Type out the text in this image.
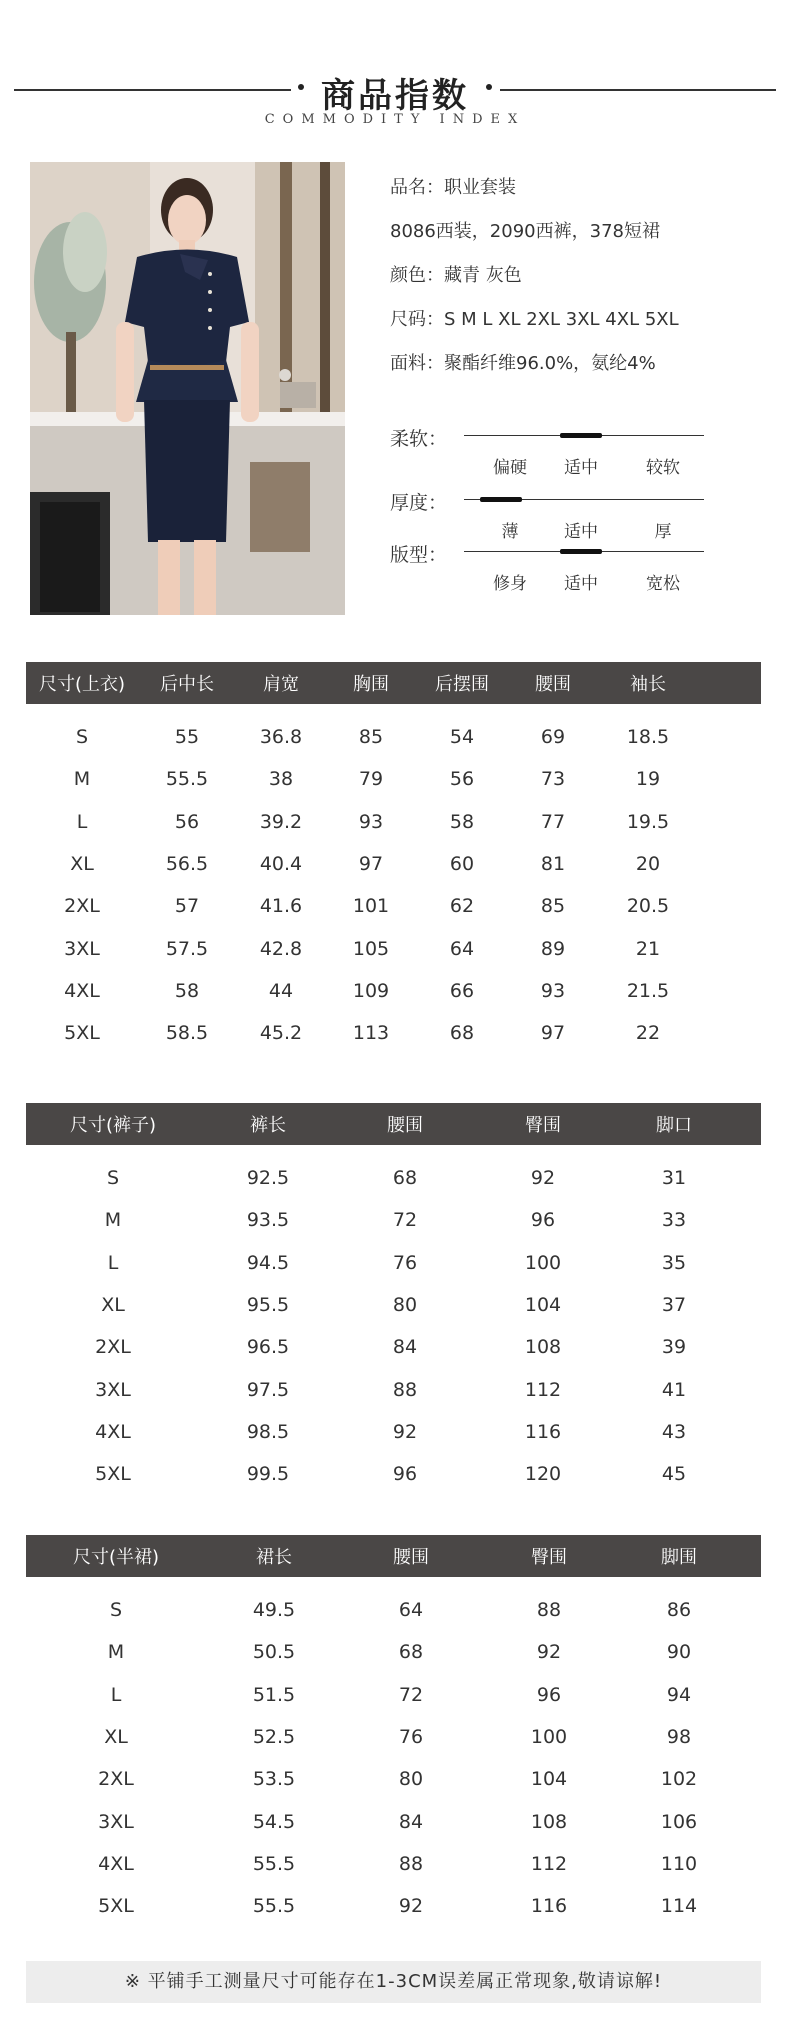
商品指数
COMMODITY INDEX
品名：职业套装
8086西装，2090西裤，378短裙
颜色：藏青 灰色
尺码：S M L XL 2XL 3XL 4XL 5XL
面料：聚酯纤维96.0%，氨纶4%
柔软：
偏硬	适中	较软
厚度：
薄	适中	厚
版型：
修身	适中	宽松
尺寸(上衣)	后中长	肩宽	胸围	后摆围	腰围	袖长
S	55	36.8	85	54	69	18.5
M	55.5	38	79	56	73	19
L	56	39.2	93	58	77	19.5
XL	56.5	40.4	97	60	81	20
2XL	57	41.6	101	62	85	20.5
3XL	57.5	42.8	105	64	89	21
4XL	58	44	109	66	93	21.5
5XL	58.5	45.2	113	68	97	22
尺寸(裤子)	裤长	腰围	臀围	脚口
S	92.5	68	92	31
M	93.5	72	96	33
L	94.5	76	100	35
XL	95.5	80	104	37
2XL	96.5	84	108	39
3XL	97.5	88	112	41
4XL	98.5	92	116	43
5XL	99.5	96	120	45
尺寸(半裙)	裙长	腰围	臀围	脚围
S	49.5	64	88	86
M	50.5	68	92	90
L	51.5	72	96	94
XL	52.5	76	100	98
2XL	53.5	80	104	102
3XL	54.5	84	108	106
4XL	55.5	88	112	110
5XL	55.5	92	116	114
※ 平铺手工测量尺寸可能存在1-3CM误差属正常现象,敬请谅解!
